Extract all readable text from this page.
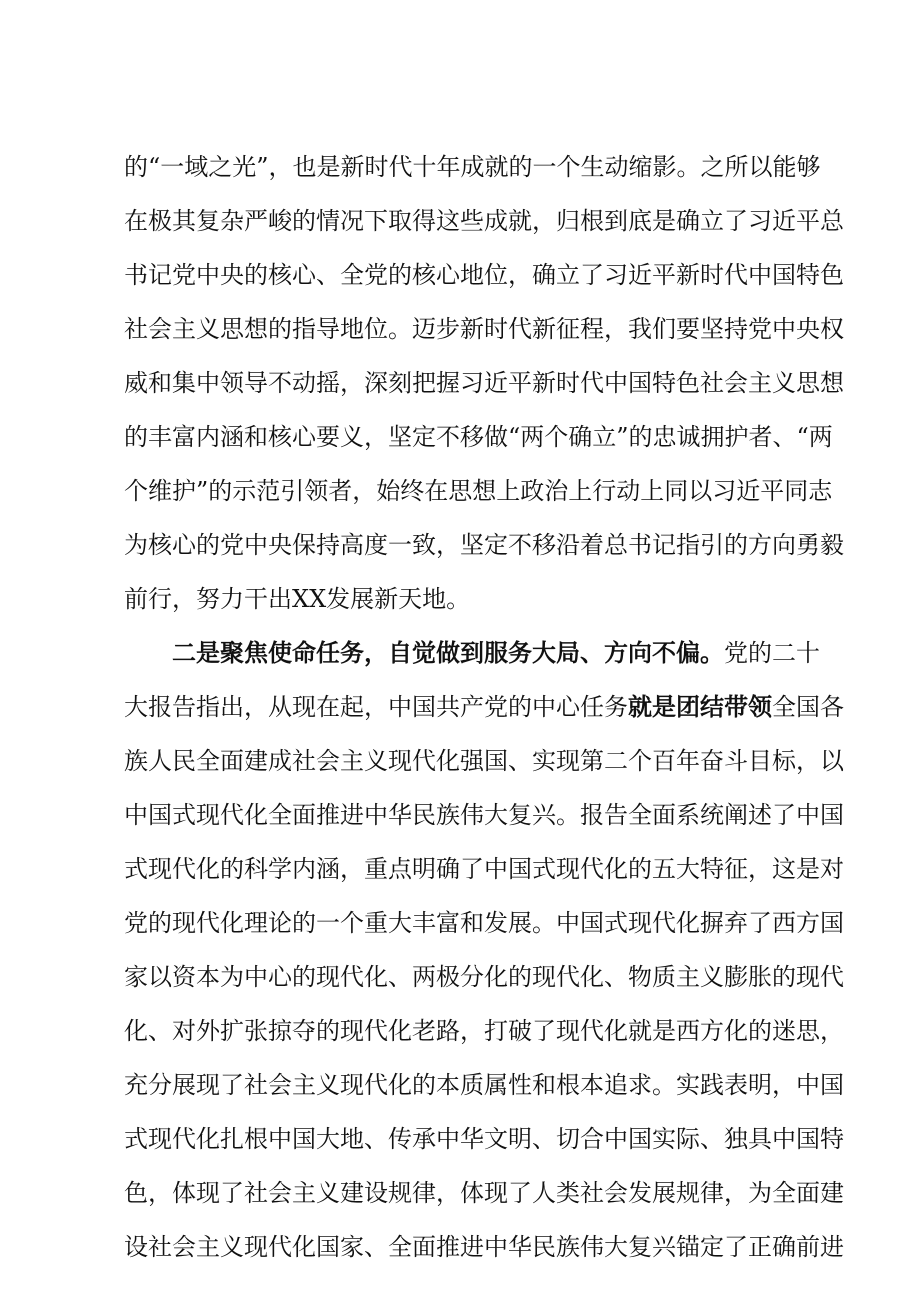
的“一域之光”，也是新时代十年成就的一个生动缩影。之所以能够
在极其复杂严峻的情况下取得这些成就，归根到底是确立了习近平总
书记党中央的核心、全党的核心地位，确立了习近平新时代中国特色
社会主义思想的指导地位。迈步新时代新征程，我们要坚持党中央权
威和集中领导不动摇，深刻把握习近平新时代中国特色社会主义思想
的丰富内涵和核心要义，坚定不移做“两个确立”的忠诚拥护者、“两
个维护”的示范引领者，始终在思想上政治上行动上同以习近平同志
为核心的党中央保持高度一致，坚定不移沿着总书记指引的方向勇毅
前行，努力干出XX发展新天地。
二是聚焦使命任务，自觉做到服务大局、方向不偏。党的二十
大报告指出，从现在起，中国共产党的中心任务就是团结带领全国各
族人民全面建成社会主义现代化强国、实现第二个百年奋斗目标，以
中国式现代化全面推进中华民族伟大复兴。报告全面系统阐述了中国
式现代化的科学内涵，重点明确了中国式现代化的五大特征，这是对
党的现代化理论的一个重大丰富和发展。中国式现代化摒弃了西方国
家以资本为中心的现代化、两极分化的现代化、物质主义膨胀的现代
化、对外扩张掠夺的现代化老路，打破了现代化就是西方化的迷思，
充分展现了社会主义现代化的本质属性和根本追求。实践表明，中国
式现代化扎根中国大地、传承中华文明、切合中国实际、独具中国特
色，体现了社会主义建设规律，体现了人类社会发展规律，为全面建
设社会主义现代化国家、全面推进中华民族伟大复兴锚定了正确前进
